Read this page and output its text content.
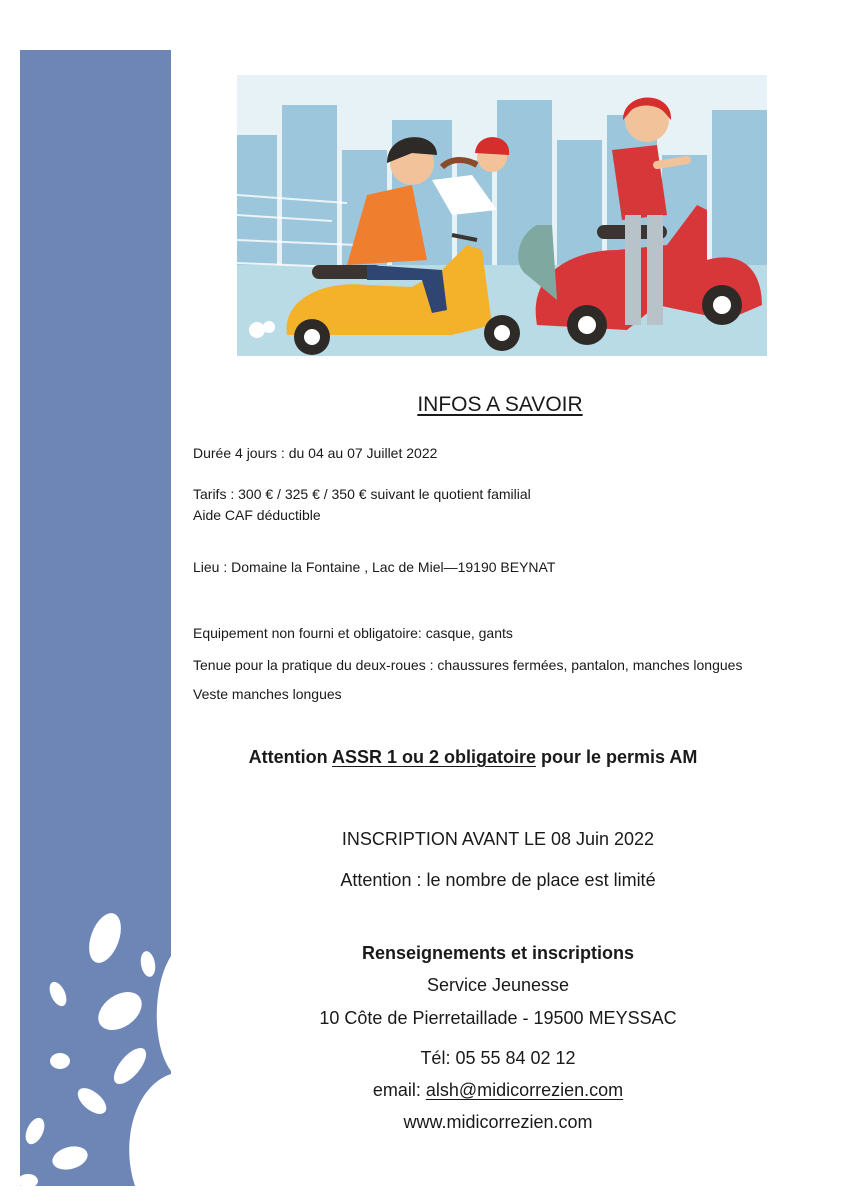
INFOS A SAVOIR
Durée 4 jours : du 04 au 07 Juillet 2022
Tarifs : 300 € / 325 € / 350 € suivant le quotient familial
Aide CAF déductible
Lieu : Domaine la Fontaine , Lac de Miel—19190 BEYNAT
Equipement non fourni et obligatoire: casque, gants
Tenue pour la pratique du deux-roues : chaussures fermées, pantalon, manches longues
Veste manches longues
Attention ASSR 1 ou 2 obligatoire pour le permis AM
INSCRIPTION AVANT LE 08 Juin 2022
Attention : le nombre de place est limité
Renseignements et inscriptions
Service Jeunesse
10 Côte de Pierretaillade - 19500 MEYSSAC
Tél: 05 55 84 02 12
email: alsh@midicorrezien.com
www.midicorrezien.com
